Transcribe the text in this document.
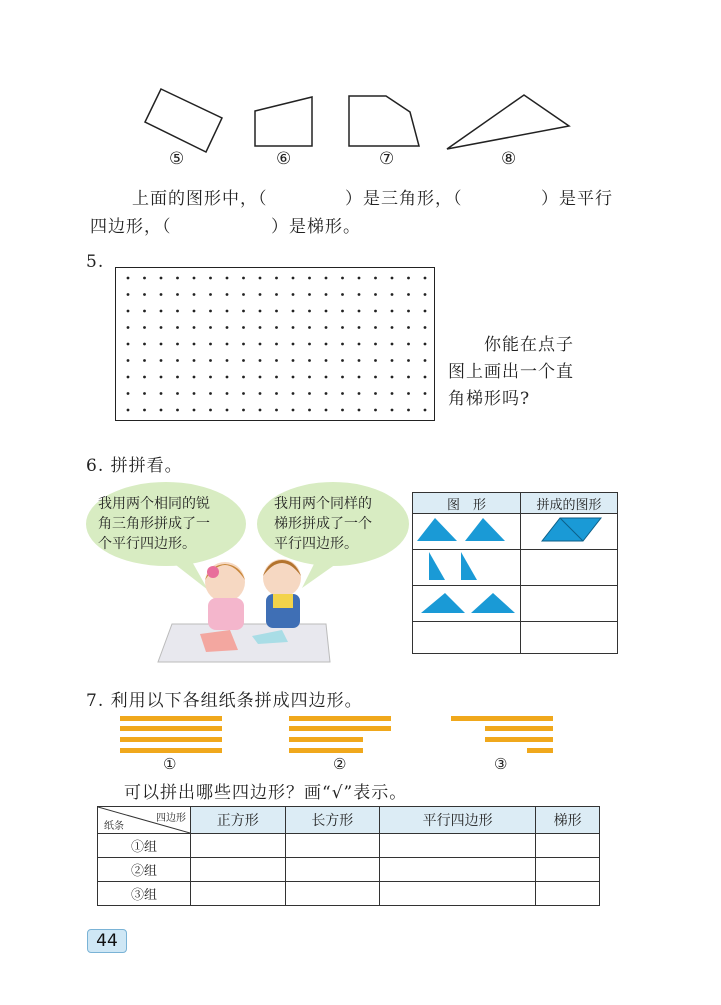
⑤	⑥	⑦	⑧
上面的图形中，（	）是三角形，（	）是平行
四边形，（	）是梯形。
5.
你能在点子
图上画出一个直
角梯形吗?
6. 拼拼看。
我用两个相同的锐
角三角形拼成了一
个平行四边形。
我用两个同样的
梯形拼成了一个
平行四边形。
图　形	拼成的图形

7. 利用以下各组纸条拼成四边形。
①	②	③
可以拼出哪些四边形？画“√”表示。
四边形
纸条	正方形	长方形	平行四边形	梯形
①组				
②组				
③组				
44
